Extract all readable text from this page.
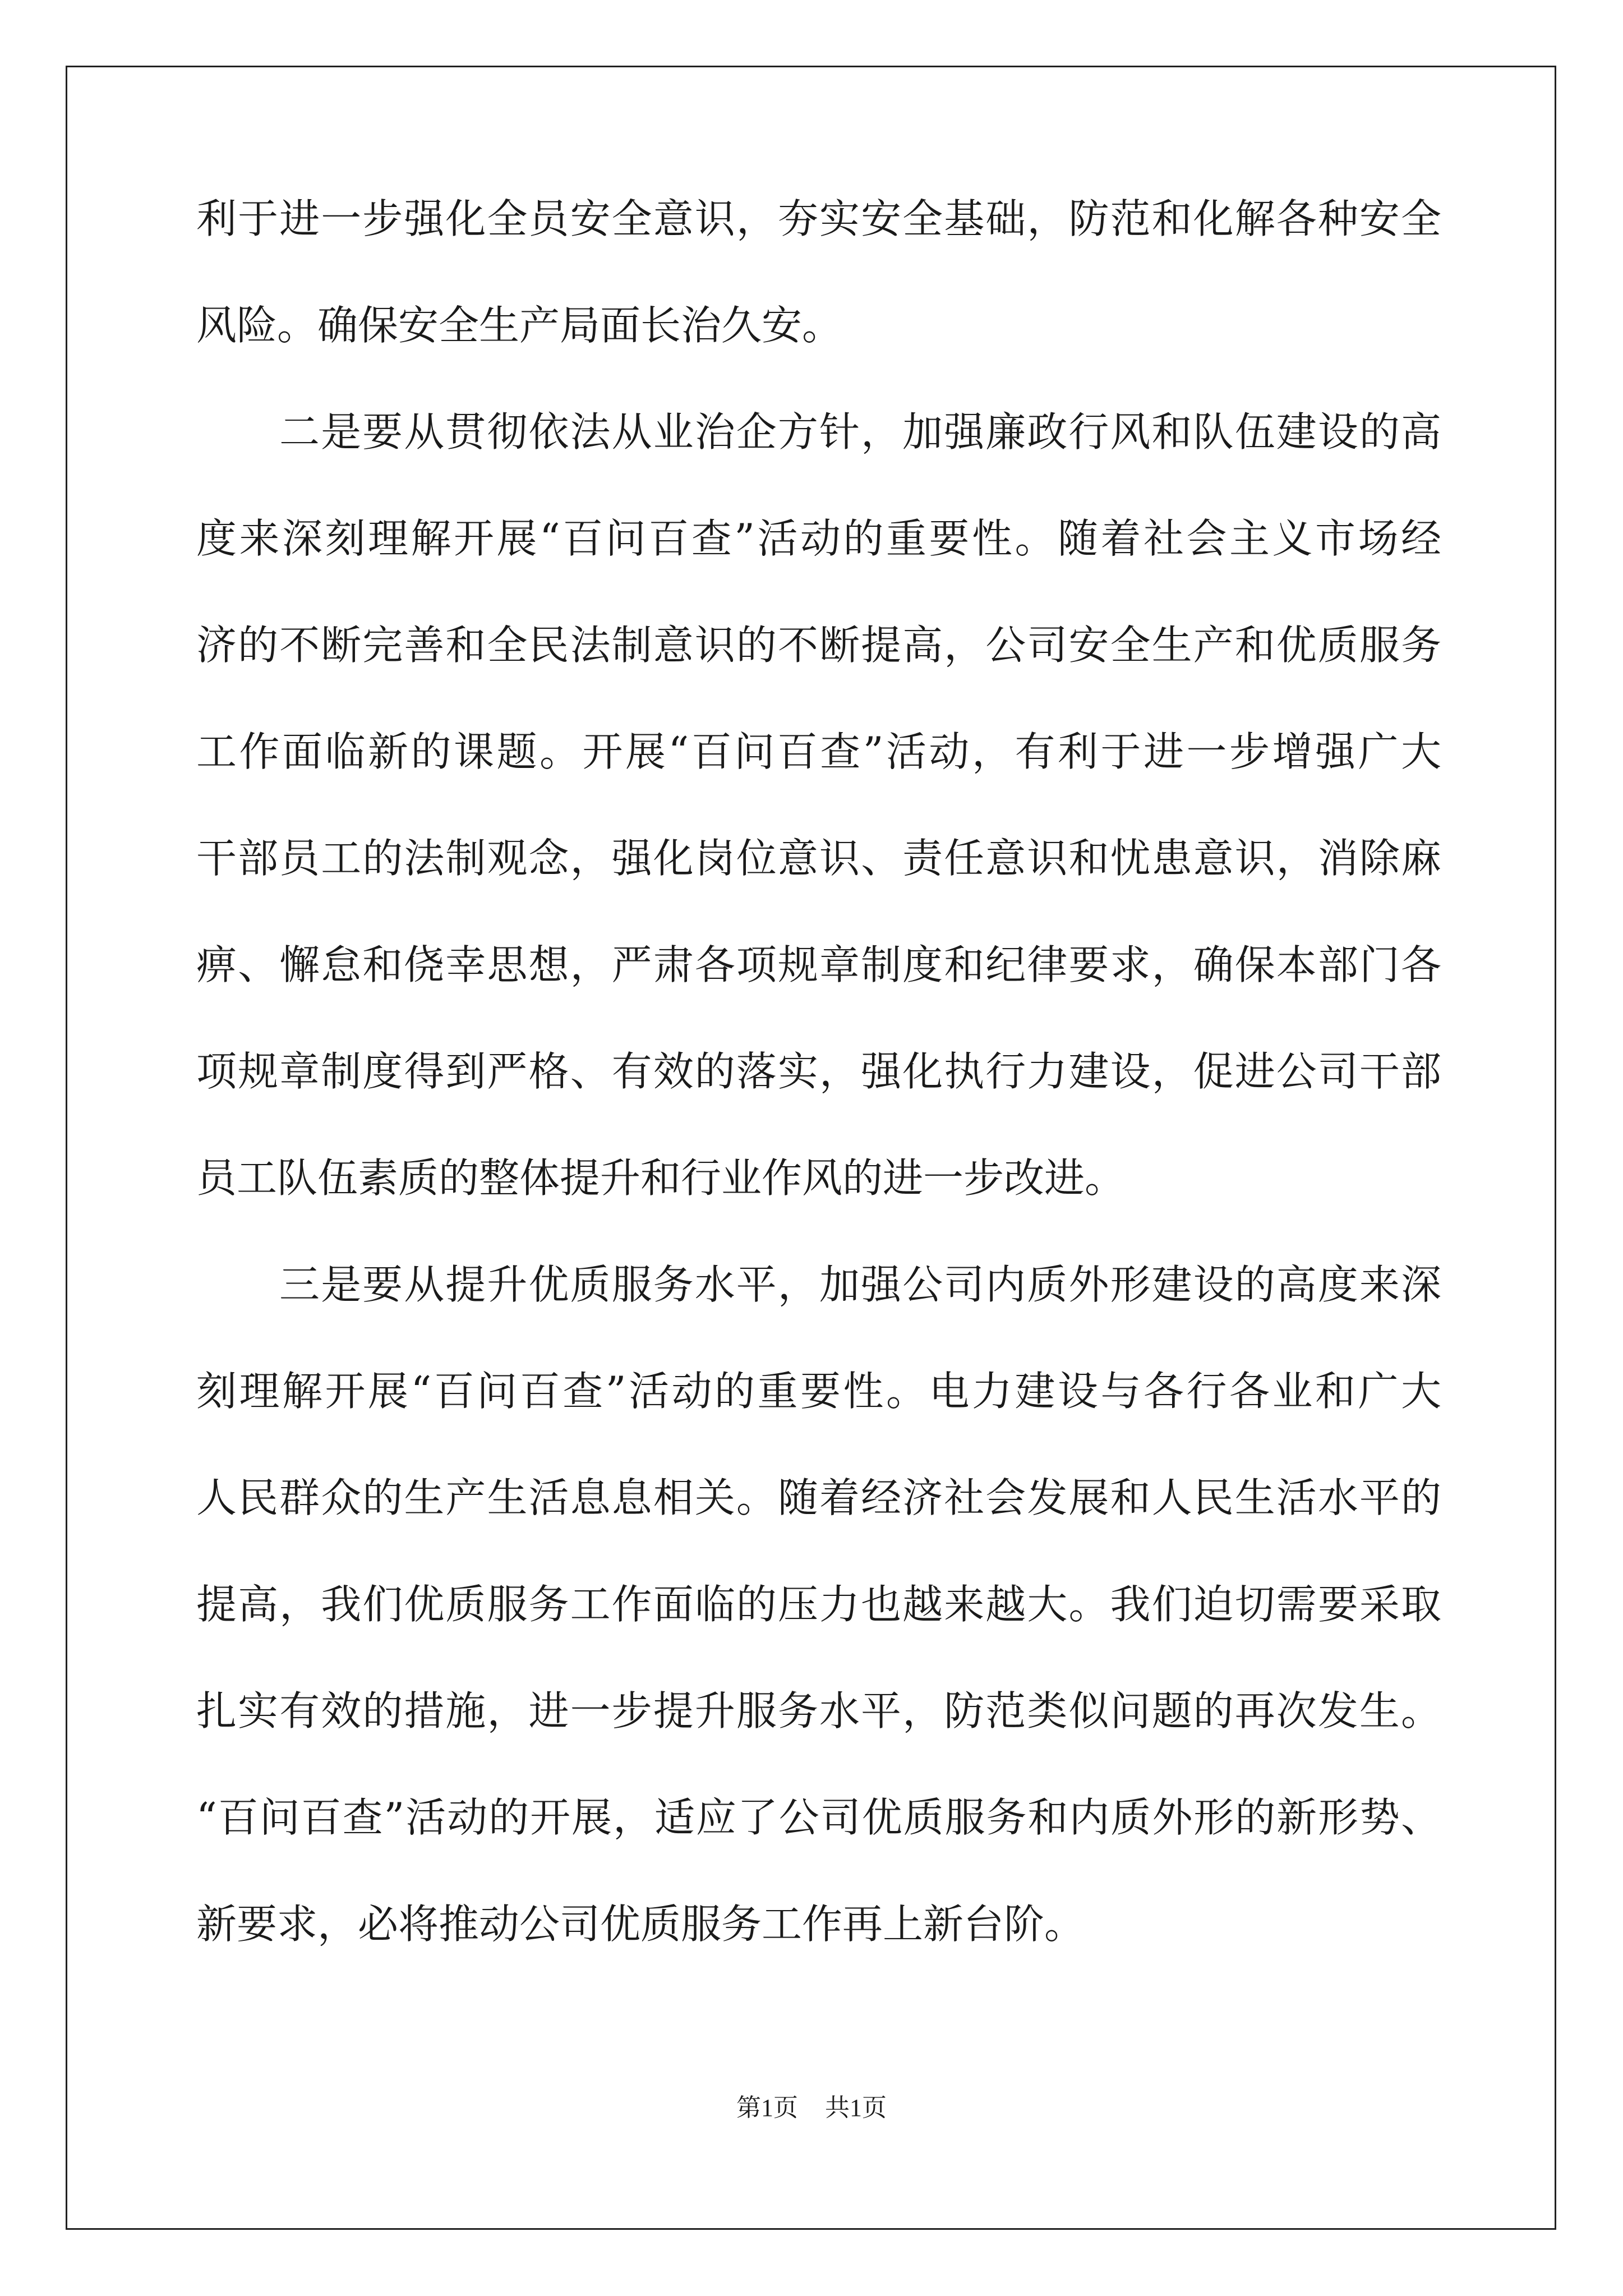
利于进一步强化全员安全意识，夯实安全基础，防范和化解各种安全
风险。确保安全生产局面长治久安。
二是要从贯彻依法从业治企方针，加强廉政行风和队伍建设的高
度来深刻理解开展“百问百查”活动的重要性。随着社会主义市场经
济的不断完善和全民法制意识的不断提高，公司安全生产和优质服务
工作面临新的课题。开展“百问百查”活动，有利于进一步增强广大
干部员工的法制观念，强化岗位意识、责任意识和忧患意识，消除麻
痹、懈怠和侥幸思想，严肃各项规章制度和纪律要求，确保本部门各
项规章制度得到严格、有效的落实，强化执行力建设，促进公司干部
员工队伍素质的整体提升和行业作风的进一步改进。
三是要从提升优质服务水平，加强公司内质外形建设的高度来深
刻理解开展“百问百查”活动的重要性。电力建设与各行各业和广大
人民群众的生产生活息息相关。随着经济社会发展和人民生活水平的
提高，我们优质服务工作面临的压力也越来越大。我们迫切需要采取
扎实有效的措施，进一步提升服务水平，防范类似问题的再次发生。
“百问百查”活动的开展，适应了公司优质服务和内质外形的新形势、
新要求，必将推动公司优质服务工作再上新台阶。
第1页 共1页
